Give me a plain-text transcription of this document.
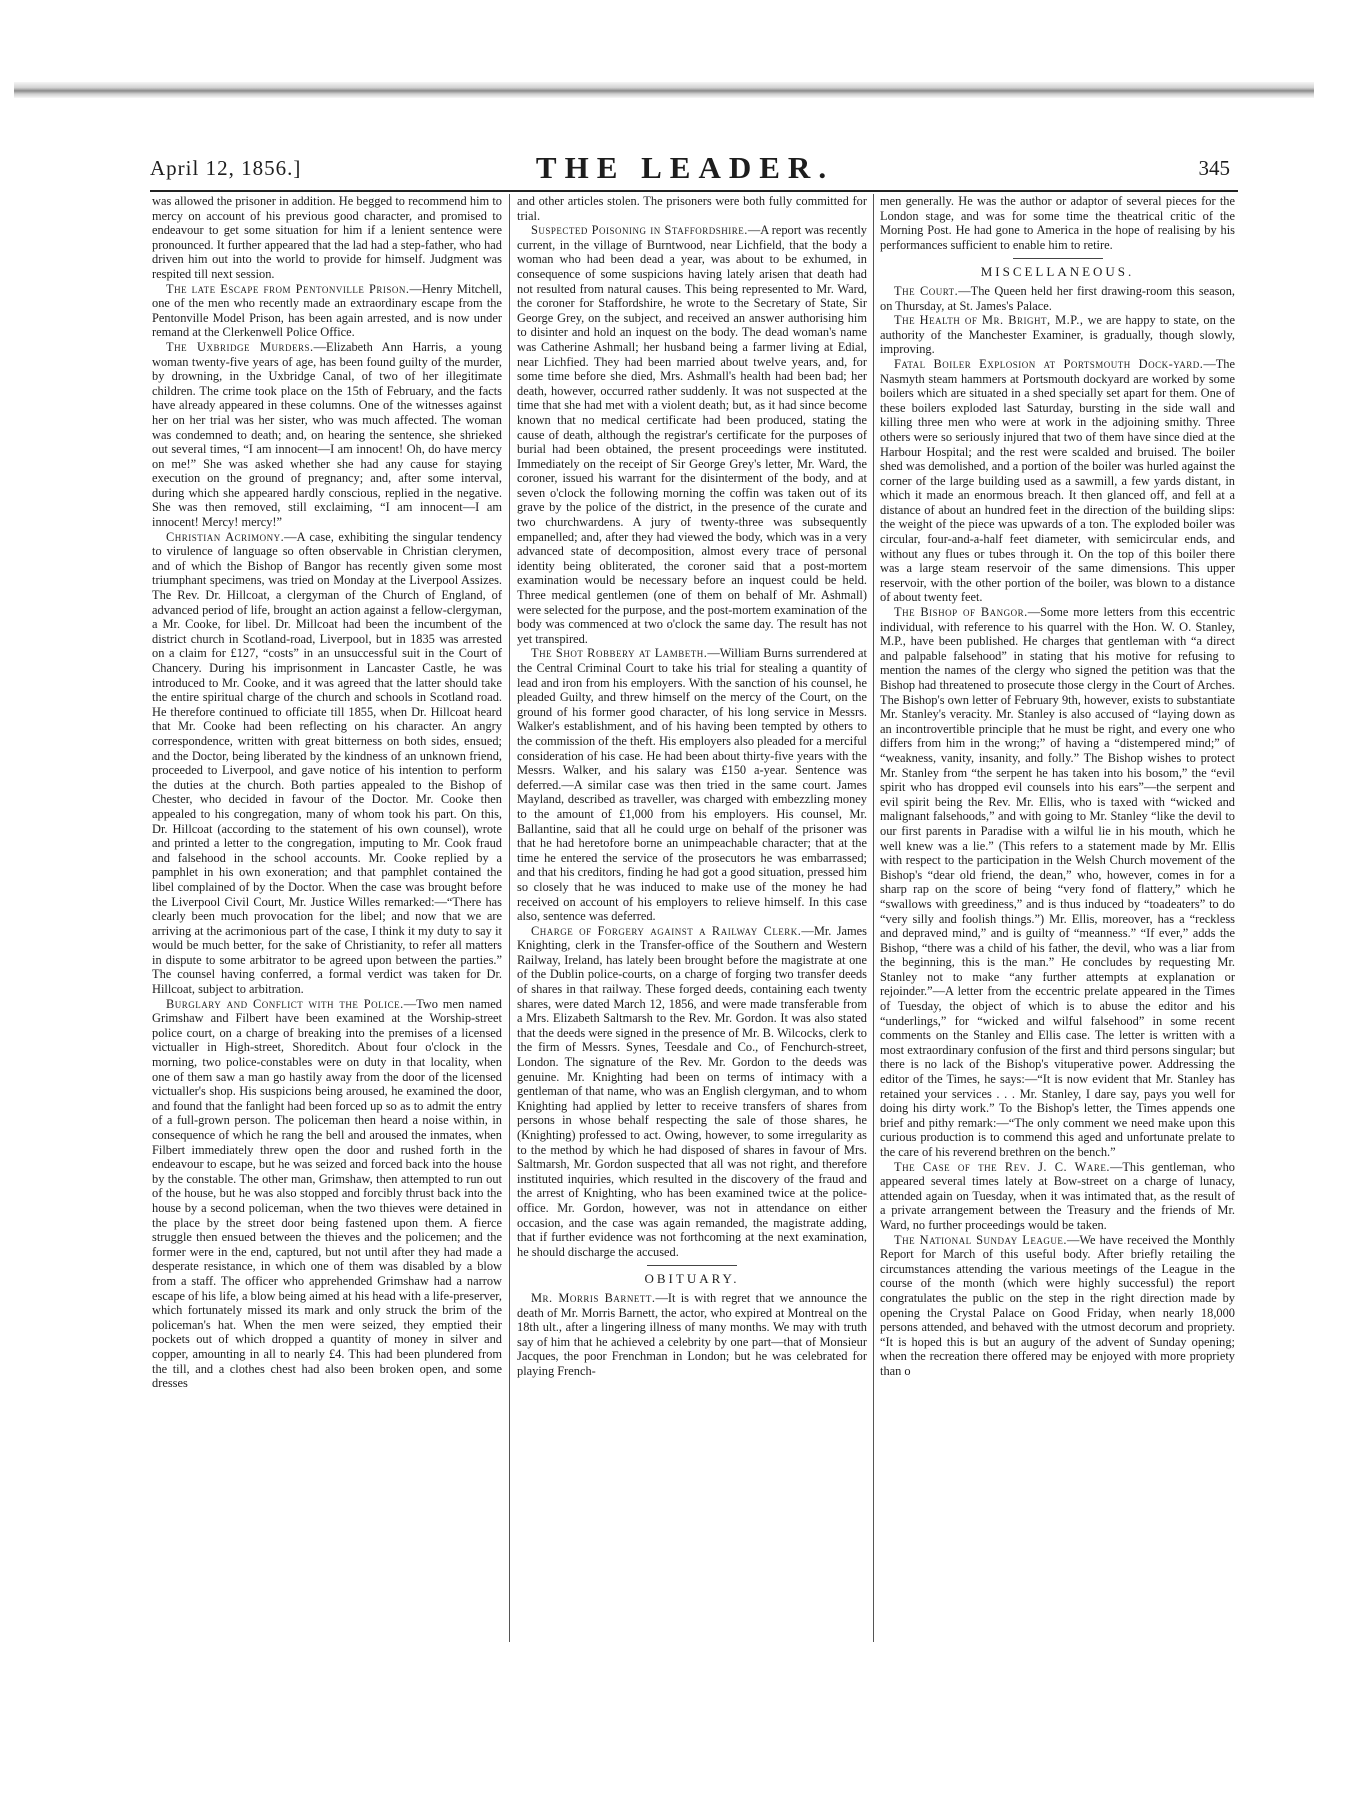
April 12, 1856.]	THE LEADER.	345

was allowed the prisoner in addition. He begged to recommend him to mercy on account of his previous good character, and promised to endeavour to get some situation for him if a lenient sentence were pronounced. It further appeared that the lad had a step-father, who had driven him out into the world to provide for himself. Judgment was respited till next session.

The late Escape from Pentonville Prison.—Henry Mitchell, one of the men who recently made an extraordinary escape from the Pentonville Model Prison, has been again arrested, and is now under remand at the Clerkenwell Police Office.

The Uxbridge Murders.—Elizabeth Ann Harris, a young woman twenty-five years of age, has been found guilty of the murder, by drowning, in the Uxbridge Canal, of two of her illegitimate children. The crime took place on the 15th of February, and the facts have already appeared in these columns. One of the witnesses against her on her trial was her sister, who was much affected. The woman was condemned to death; and, on hearing the sentence, she shrieked out several times, “I am innocent—I am innocent! Oh, do have mercy on me!” She was asked whether she had any cause for staying execution on the ground of pregnancy; and, after some interval, during which she appeared hardly conscious, replied in the negative. She was then removed, still exclaiming, “I am innocent—I am innocent! Mercy! mercy!”

Christian Acrimony.—A case, exhibiting the singular tendency to virulence of language so often observable in Christian clerymen, and of which the Bishop of Bangor has recently given some most triumphant specimens, was tried on Monday at the Liverpool Assizes. The Rev. Dr. Hillcoat, a clergyman of the Church of England, of advanced period of life, brought an action against a fellow-clergyman, a Mr. Cooke, for libel. Dr. Millcoat had been the incumbent of the district church in Scotland-road, Liverpool, but in 1835 was arrested on a claim for £127, “costs” in an unsuccessful suit in the Court of Chancery. During his imprisonment in Lancaster Castle, he was introduced to Mr. Cooke, and it was agreed that the latter should take the entire spiritual charge of the church and schools in Scotland road. He therefore continued to officiate till 1855, when Dr. Hillcoat heard that Mr. Cooke had been reflecting on his character. An angry correspondence, written with great bitterness on both sides, ensued; and the Doctor, being liberated by the kindness of an unknown friend, proceeded to Liverpool, and gave notice of his intention to perform the duties at the church. Both parties appealed to the Bishop of Chester, who decided in favour of the Doctor. Mr. Cooke then appealed to his congregation, many of whom took his part. On this, Dr. Hillcoat (according to the statement of his own counsel), wrote and printed a letter to the congregation, imputing to Mr. Cook fraud and falsehood in the school accounts. Mr. Cooke replied by a pamphlet in his own exoneration; and that pamphlet contained the libel complained of by the Doctor. When the case was brought before the Liverpool Civil Court, Mr. Justice Willes remarked:—“There has clearly been much provocation for the libel; and now that we are arriving at the acrimonious part of the case, I think it my duty to say it would be much better, for the sake of Christianity, to refer all matters in dispute to some arbitrator to be agreed upon between the parties.” The counsel having conferred, a formal verdict was taken for Dr. Hillcoat, subject to arbitration.

Burglary and Conflict with the Police.—Two men named Grimshaw and Filbert have been examined at the Worship-street police court, on a charge of breaking into the premises of a licensed victualler in High-street, Shoreditch. About four o'clock in the morning, two police-constables were on duty in that locality, when one of them saw a man go hastily away from the door of the licensed victualler's shop. His suspicions being aroused, he examined the door, and found that the fanlight had been forced up so as to admit the entry of a full-grown person. The policeman then heard a noise within, in consequence of which he rang the bell and aroused the inmates, when Filbert immediately threw open the door and rushed forth in the endeavour to escape, but he was seized and forced back into the house by the constable. The other man, Grimshaw, then attempted to run out of the house, but he was also stopped and forcibly thrust back into the house by a second policeman, when the two thieves were detained in the place by the street door being fastened upon them. A fierce struggle then ensued between the thieves and the policemen; and the former were in the end, captured, but not until after they had made a desperate resistance, in which one of them was disabled by a blow from a staff. The officer who apprehended Grimshaw had a narrow escape of his life, a blow being aimed at his head with a life-preserver, which fortunately missed its mark and only struck the brim of the policeman's hat. When the men were seized, they emptied their pockets out of which dropped a quantity of money in silver and copper, amounting in all to nearly £4. This had been plundered from the till, and a clothes chest had also been broken open, and some dresses

and other articles stolen. The prisoners were both fully committed for trial.

Suspected Poisoning in Staffordshire.—A report was recently current, in the village of Burntwood, near Lichfield, that the body a woman who had been dead a year, was about to be exhumed, in consequence of some suspicions having lately arisen that death had not resulted from natural causes. This being represented to Mr. Ward, the coroner for Staffordshire, he wrote to the Secretary of State, Sir George Grey, on the subject, and received an answer authorising him to disinter and hold an inquest on the body. The dead woman's name was Catherine Ashmall; her husband being a farmer living at Edial, near Lichfied. They had been married about twelve years, and, for some time before she died, Mrs. Ashmall's health had been bad; her death, however, occurred rather suddenly. It was not suspected at the time that she had met with a violent death; but, as it had since become known that no medical certificate had been produced, stating the cause of death, although the registrar's certificate for the purposes of burial had been obtained, the present proceedings were instituted. Immediately on the receipt of Sir George Grey's letter, Mr. Ward, the coroner, issued his warrant for the disinterment of the body, and at seven o'clock the following morning the coffin was taken out of its grave by the police of the district, in the presence of the curate and two churchwardens. A jury of twenty-three was subsequently empanelled; and, after they had viewed the body, which was in a very advanced state of decomposition, almost every trace of personal identity being obliterated, the coroner said that a post-mortem examination would be necessary before an inquest could be held. Three medical gentlemen (one of them on behalf of Mr. Ashmall) were selected for the purpose, and the post-mortem examination of the body was commenced at two o'clock the same day. The result has not yet transpired.

The Shot Robbery at Lambeth.—William Burns surrendered at the Central Criminal Court to take his trial for stealing a quantity of lead and iron from his employers. With the sanction of his counsel, he pleaded Guilty, and threw himself on the mercy of the Court, on the ground of his former good character, of his long service in Messrs. Walker's establishment, and of his having been tempted by others to the commission of the theft. His employers also pleaded for a merciful consideration of his case. He had been about thirty-five years with the Messrs. Walker, and his salary was £150 a-year. Sentence was deferred.—A similar case was then tried in the same court. James Mayland, described as traveller, was charged with embezzling money to the amount of £1,000 from his employers. His counsel, Mr. Ballantine, said that all he could urge on behalf of the prisoner was that he had heretofore borne an unimpeachable character; that at the time he entered the service of the prosecutors he was embarrassed; and that his creditors, finding he had got a good situation, pressed him so closely that he was induced to make use of the money he had received on account of his employers to relieve himself. In this case also, sentence was deferred.

Charge of Forgery against a Railway Clerk.—Mr. James Knighting, clerk in the Transfer-office of the Southern and Western Railway, Ireland, has lately been brought before the magistrate at one of the Dublin police-courts, on a charge of forging two transfer deeds of shares in that railway. These forged deeds, containing each twenty shares, were dated March 12, 1856, and were made transferable from a Mrs. Elizabeth Saltmarsh to the Rev. Mr. Gordon. It was also stated that the deeds were signed in the presence of Mr. B. Wilcocks, clerk to the firm of Messrs. Synes, Teesdale and Co., of Fenchurch-street, London. The signature of the Rev. Mr. Gordon to the deeds was genuine. Mr. Knighting had been on terms of intimacy with a gentleman of that name, who was an English clergyman, and to whom Knighting had applied by letter to receive transfers of shares from persons in whose behalf respecting the sale of those shares, he (Knighting) professed to act. Owing, however, to some irregularity as to the method by which he had disposed of shares in favour of Mrs. Saltmarsh, Mr. Gordon suspected that all was not right, and therefore instituted inquiries, which resulted in the discovery of the fraud and the arrest of Knighting, who has been examined twice at the police-office. Mr. Gordon, however, was not in attendance on either occasion, and the case was again remanded, the magistrate adding, that if further evidence was not forthcoming at the next examination, he should discharge the accused.

OBITUARY.

Mr. Morris Barnett.—It is with regret that we announce the death of Mr. Morris Barnett, the actor, who expired at Montreal on the 18th ult., after a lingering illness of many months. We may with truth say of him that he achieved a celebrity by one part—that of Monsieur Jacques, the poor Frenchman in London; but he was celebrated for playing French-

men generally. He was the author or adaptor of several pieces for the London stage, and was for some time the theatrical critic of the Morning Post. He had gone to America in the hope of realising by his performances sufficient to enable him to retire.

MISCELLANEOUS.

The Court.—The Queen held her first drawing-room this season, on Thursday, at St. James's Palace.

The Health of Mr. Bright, M.P., we are happy to state, on the authority of the Manchester Examiner, is gradually, though slowly, improving.

Fatal Boiler Explosion at Portsmouth Dock-yard.—The Nasmyth steam hammers at Portsmouth dockyard are worked by some boilers which are situated in a shed specially set apart for them. One of these boilers exploded last Saturday, bursting in the side wall and killing three men who were at work in the adjoining smithy. Three others were so seriously injured that two of them have since died at the Harbour Hospital; and the rest were scalded and bruised. The boiler shed was demolished, and a portion of the boiler was hurled against the corner of the large building used as a sawmill, a few yards distant, in which it made an enormous breach. It then glanced off, and fell at a distance of about an hundred feet in the direction of the building slips: the weight of the piece was upwards of a ton. The exploded boiler was circular, four-and-a-half feet diameter, with semicircular ends, and without any flues or tubes through it. On the top of this boiler there was a large steam reservoir of the same dimensions. This upper reservoir, with the other portion of the boiler, was blown to a distance of about twenty feet.

The Bishop of Bangor.—Some more letters from this eccentric individual, with reference to his quarrel with the Hon. W. O. Stanley, M.P., have been published. He charges that gentleman with “a direct and palpable falsehood” in stating that his motive for refusing to mention the names of the clergy who signed the petition was that the Bishop had threatened to prosecute those clergy in the Court of Arches. The Bishop's own letter of February 9th, however, exists to substantiate Mr. Stanley's veracity. Mr. Stanley is also accused of “laying down as an incontrovertible principle that he must be right, and every one who differs from him in the wrong;” of having a “distempered mind;” of “weakness, vanity, insanity, and folly.” The Bishop wishes to protect Mr. Stanley from “the serpent he has taken into his bosom,” the “evil spirit who has dropped evil counsels into his ears”—the serpent and evil spirit being the Rev. Mr. Ellis, who is taxed with “wicked and malignant falsehoods,” and with going to Mr. Stanley “like the devil to our first parents in Paradise with a wilful lie in his mouth, which he well knew was a lie.” (This refers to a statement made by Mr. Ellis with respect to the participation in the Welsh Church movement of the Bishop's “dear old friend, the dean,” who, however, comes in for a sharp rap on the score of being “very fond of flattery,” which he “swallows with greediness,” and is thus induced by “toadeaters” to do “very silly and foolish things.”) Mr. Ellis, moreover, has a “reckless and depraved mind,” and is guilty of “meanness.” “If ever,” adds the Bishop, “there was a child of his father, the devil, who was a liar from the beginning, this is the man.” He concludes by requesting Mr. Stanley not to make “any further attempts at explanation or rejoinder.”—A letter from the eccentric prelate appeared in the Times of Tuesday, the object of which is to abuse the editor and his “underlings,” for “wicked and wilful falsehood” in some recent comments on the Stanley and Ellis case. The letter is written with a most extraordinary confusion of the first and third persons singular; but there is no lack of the Bishop's vituperative power. Addressing the editor of the Times, he says:—“It is now evident that Mr. Stanley has retained your services . . . Mr. Stanley, I dare say, pays you well for doing his dirty work.” To the Bishop's letter, the Times appends one brief and pithy remark:—“The only comment we need make upon this curious production is to commend this aged and unfortunate prelate to the care of his reverend brethren on the bench.”

The Case of the Rev. J. C. Ware.—This gentleman, who appeared several times lately at Bow-street on a charge of lunacy, attended again on Tuesday, when it was intimated that, as the result of a private arrangement between the Treasury and the friends of Mr. Ward, no further proceedings would be taken.

The National Sunday League.—We have received the Monthly Report for March of this useful body. After briefly retailing the circumstances attending the various meetings of the League in the course of the month (which were highly successful) the report congratulates the public on the step in the right direction made by opening the Crystal Palace on Good Friday, when nearly 18,000 persons attended, and behaved with the utmost decorum and propriety. “It is hoped this is but an augury of the advent of Sunday opening; when the recreation there offered may be enjoyed with more propriety than o
